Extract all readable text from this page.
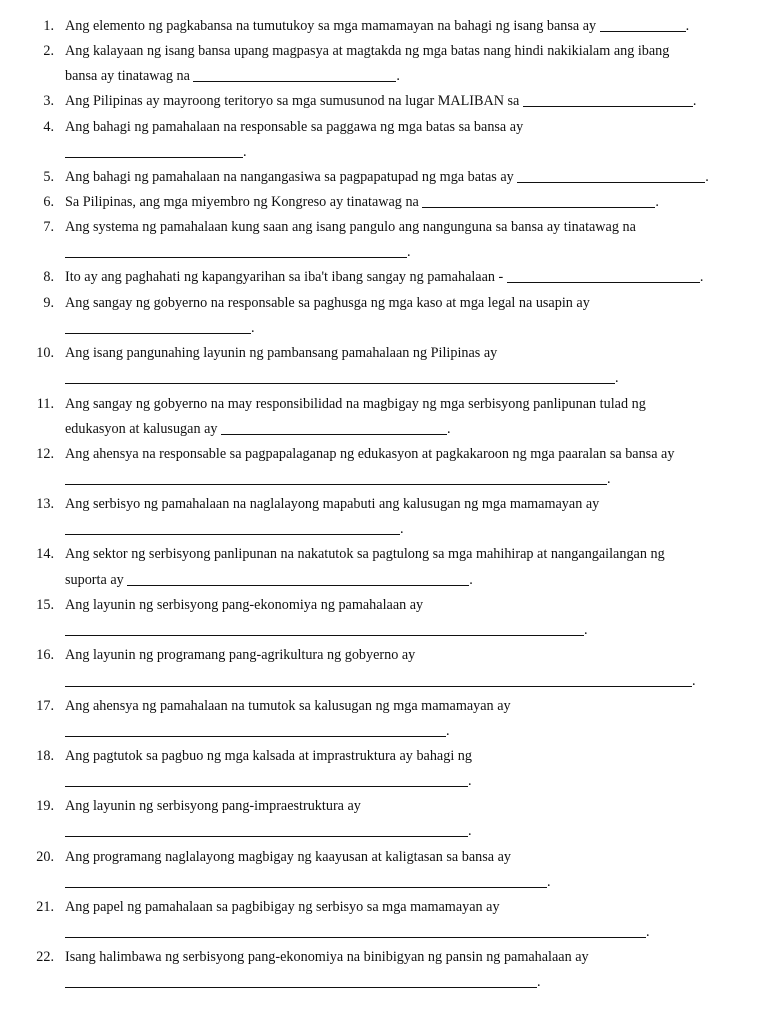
1. Ang elemento ng pagkabansa na tumutukoy sa mga mamamayan na bahagi ng isang bansa ay	.
2. Ang kalayaan ng isang bansa upang magpasya at magtakda ng mga batas nang hindi nakikialam ang ibang
bansa ay tinatawag na	.
3. Ang Pilipinas ay mayroong teritoryo sa mga sumusunod na lugar MALIBAN sa	.
4. Ang bahagi ng pamahalaan na responsable sa paggawa ng mga batas sa bansa ay
.
5. Ang bahagi ng pamahalaan na nangangasiwa sa pagpapatupad ng mga batas ay	.
6. Sa Pilipinas, ang mga miyembro ng Kongreso ay tinatawag na	.
7. Ang systema ng pamahalaan kung saan ang isang pangulo ang nangunguna sa bansa ay tinatawag na
.
8. Ito ay ang paghahati ng kapangyarihan sa iba't ibang sangay ng pamahalaan -	.
9. Ang sangay ng gobyerno na responsable sa paghusga ng mga kaso at mga legal na usapin ay
.
10. Ang isang pangunahing layunin ng pambansang pamahalaan ng Pilipinas ay
.
11. Ang sangay ng gobyerno na may responsibilidad na magbigay ng mga serbisyong panlipunan tulad ng
edukasyon at kalusugan ay	.
12. Ang ahensya na responsable sa pagpapalaganap ng edukasyon at pagkakaroon ng mga paaralan sa bansa ay
.
13. Ang serbisyo ng pamahalaan na naglalayong mapabuti ang kalusugan ng mga mamamayan ay
.
14. Ang sektor ng serbisyong panlipunan na nakatutok sa pagtulong sa mga mahihirap at nangangailangan ng
suporta ay	.
15. Ang layunin ng serbisyong pang-ekonomiya ng pamahalaan ay
.
16. Ang layunin ng programang pang-agrikultura ng gobyerno ay
.
17. Ang ahensya ng pamahalaan na tumutok sa kalusugan ng mga mamamayan ay
.
18. Ang pagtutok sa pagbuo ng mga kalsada at imprastruktura ay bahagi ng
.
19. Ang layunin ng serbisyong pang-impraestruktura ay
.
20. Ang programang naglalayong magbigay ng kaayusan at kaligtasan sa bansa ay
.
21. Ang papel ng pamahalaan sa pagbibigay ng serbisyo sa mga mamamayan ay
.
22. Isang halimbawa ng serbisyong pang-ekonomiya na binibigyan ng pansin ng pamahalaan ay
.
